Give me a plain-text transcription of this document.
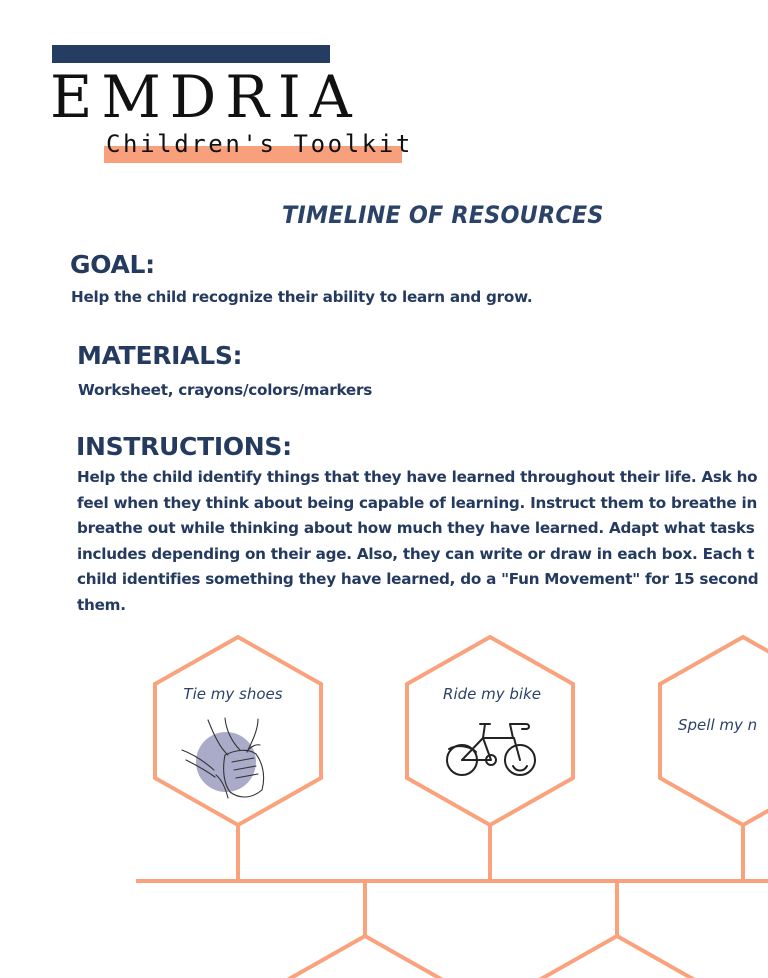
EMDRIA
Children's Toolkit
TIMELINE OF RESOURCES
GOAL:
Help the child recognize their ability to learn and grow.
MATERIALS:
Worksheet, crayons/colors/markers
INSTRUCTIONS:
Help the child identify things that they have learned throughout their life. Ask ho
feel when they think about being capable of learning. Instruct them to breathe in
breathe out while thinking about how much they have learned. Adapt what tasks
includes depending on their age. Also, they can write or draw in each box. Each t
child identifies something they have learned, do a "Fun Movement" for 15 second
them.
Tie my shoes	Ride my bike
Spell my n
